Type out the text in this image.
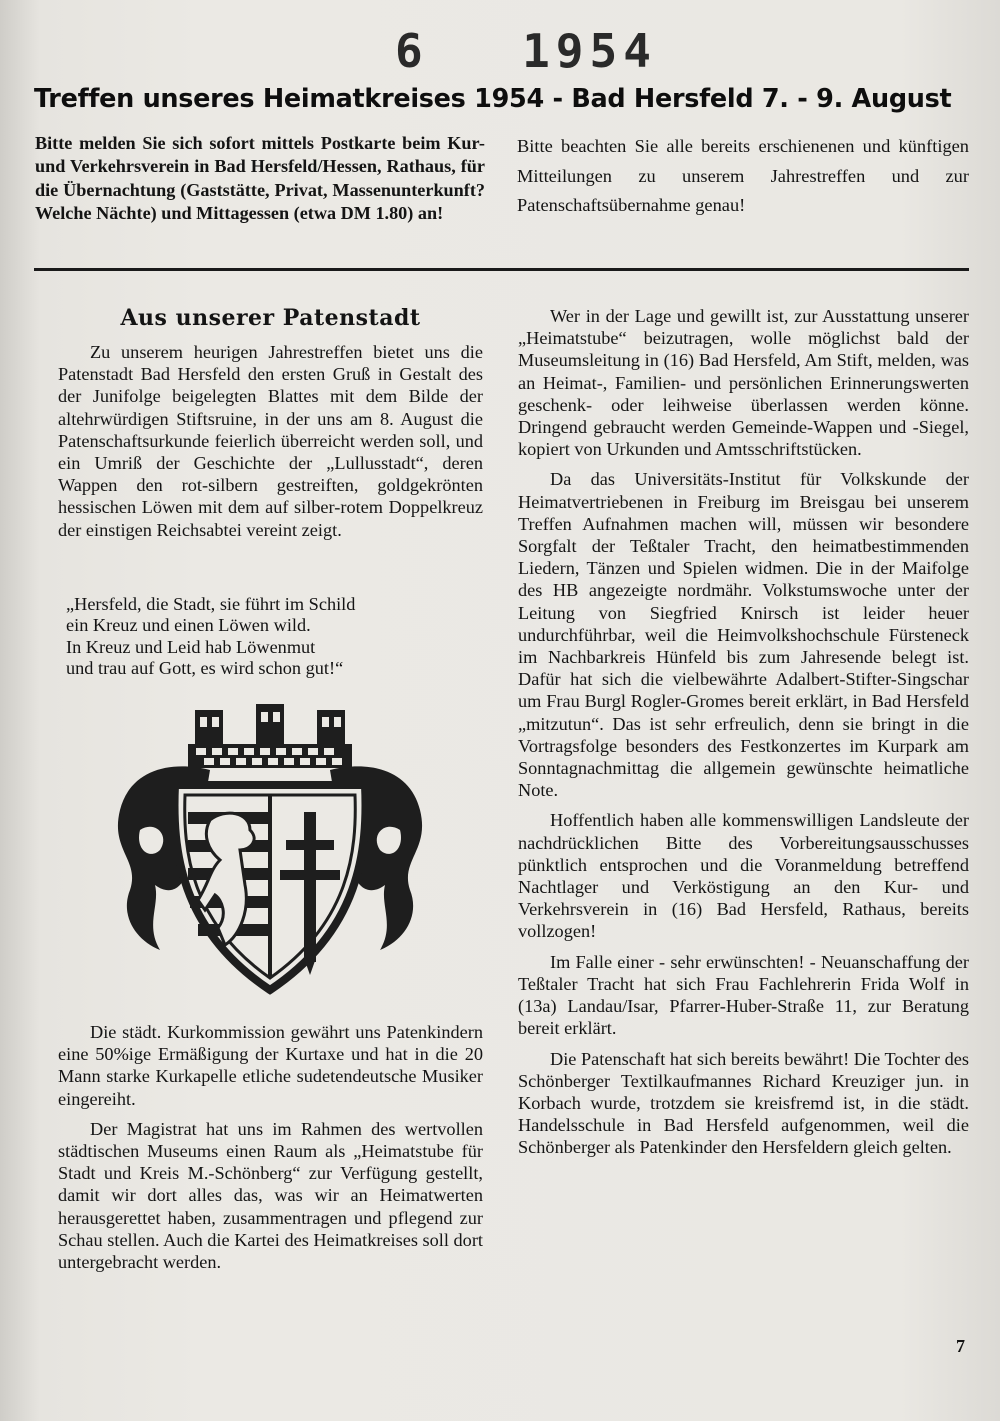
6 1954
Treffen unseres Heimatkreises 1954 - Bad Hersfeld 7. - 9. August
Bitte melden Sie sich sofort mittels Postkarte beim Kur- und Verkehrsverein in Bad Hersfeld/Hessen, Rathaus, für die Übernachtung (Gaststätte, Privat, Massenunterkunft? Welche Nächte) und Mittagessen (etwa DM 1.80) an!
Bitte beachten Sie alle bereits erschienenen und künftigen Mitteilungen zu unserem Jahrestreffen und zur Patenschaftsübernahme genau!
Aus unserer Patenstadt

Zu unserem heurigen Jahrestreffen bietet uns die Patenstadt Bad Hersfeld den ersten Gruß in Gestalt des der Junifolge beigelegten Blattes mit dem Bilde der altehrwürdigen Stiftsruine, in der uns am 8. August die Patenschaftsurkunde feierlich überreicht werden soll, und ein Umriß der Geschichte der „Lullusstadt“, deren Wappen den rot-silbern gestreiften, goldgekrönten hessischen Löwen mit dem auf silber-rotem Doppelkreuz der einstigen Reichsabtei vereint zeigt.

„Hersfeld, die Stadt, sie führt im Schild
ein Kreuz und einen Löwen wild.
In Kreuz und Leid hab Löwenmut
und trau auf Gott, es wird schon gut!“

Die städt. Kurkommission gewährt uns Patenkindern eine 50%ige Ermäßigung der Kurtaxe und hat in die 20 Mann starke Kurkapelle etliche sudetendeutsche Musiker eingereiht.

Der Magistrat hat uns im Rahmen des wertvollen städtischen Museums einen Raum als „Heimatstube für Stadt und Kreis M.-Schönberg“ zur Verfügung gestellt, damit wir dort alles das, was wir an Heimatwerten herausgerettet haben, zusammentragen und pflegend zur Schau stellen. Auch die Kartei des Heimatkreises soll dort untergebracht werden.

Wer in der Lage und gewillt ist, zur Ausstattung unserer „Heimatstube“ beizutragen, wolle möglichst bald der Museumsleitung in (16) Bad Hersfeld, Am Stift, melden, was an Heimat-, Familien- und persönlichen Erinnerungswerten geschenk- oder leihweise überlassen werden könne. Dringend gebraucht werden Gemeinde-Wappen und -Siegel, kopiert von Urkunden und Amtsschriftstücken.

Da das Universitäts-Institut für Volkskunde der Heimatvertriebenen in Freiburg im Breisgau bei unserem Treffen Aufnahmen machen will, müssen wir besondere Sorgfalt der Teßtaler Tracht, den heimatbestimmenden Liedern, Tänzen und Spielen widmen. Die in der Maifolge des HB angezeigte nordmähr. Volkstumswoche unter der Leitung von Siegfried Knirsch ist leider heuer undurchführbar, weil die Heimvolkshochschule Fürsteneck im Nachbarkreis Hünfeld bis zum Jahresende belegt ist. Dafür hat sich die vielbewährte Adalbert-Stifter-Singschar um Frau Burgl Rogler-Gromes bereit erklärt, in Bad Hersfeld „mitzutun“. Das ist sehr erfreulich, denn sie bringt in die Vortragsfolge besonders des Festkonzertes im Kurpark am Sonntagnachmittag die allgemein gewünschte heimatliche Note.

Hoffentlich haben alle kommenswilligen Landsleute der nachdrücklichen Bitte des Vorbereitungsausschusses pünktlich entsprochen und die Voranmeldung betreffend Nachtlager und Verköstigung an den Kur- und Verkehrsverein in (16) Bad Hersfeld, Rathaus, bereits vollzogen!

Im Falle einer - sehr erwünschten! - Neuanschaffung der Teßtaler Tracht hat sich Frau Fachlehrerin Frida Wolf in (13a) Landau/Isar, Pfarrer-Huber-Straße 11, zur Beratung bereit erklärt.

Die Patenschaft hat sich bereits bewährt! Die Tochter des Schönberger Textilkaufmannes Richard Kreuziger jun. in Korbach wurde, trotzdem sie kreisfremd ist, in die städt. Handelsschule in Bad Hersfeld aufgenommen, weil die Schönberger als Patenkinder den Hersfeldern gleich gelten.

7
